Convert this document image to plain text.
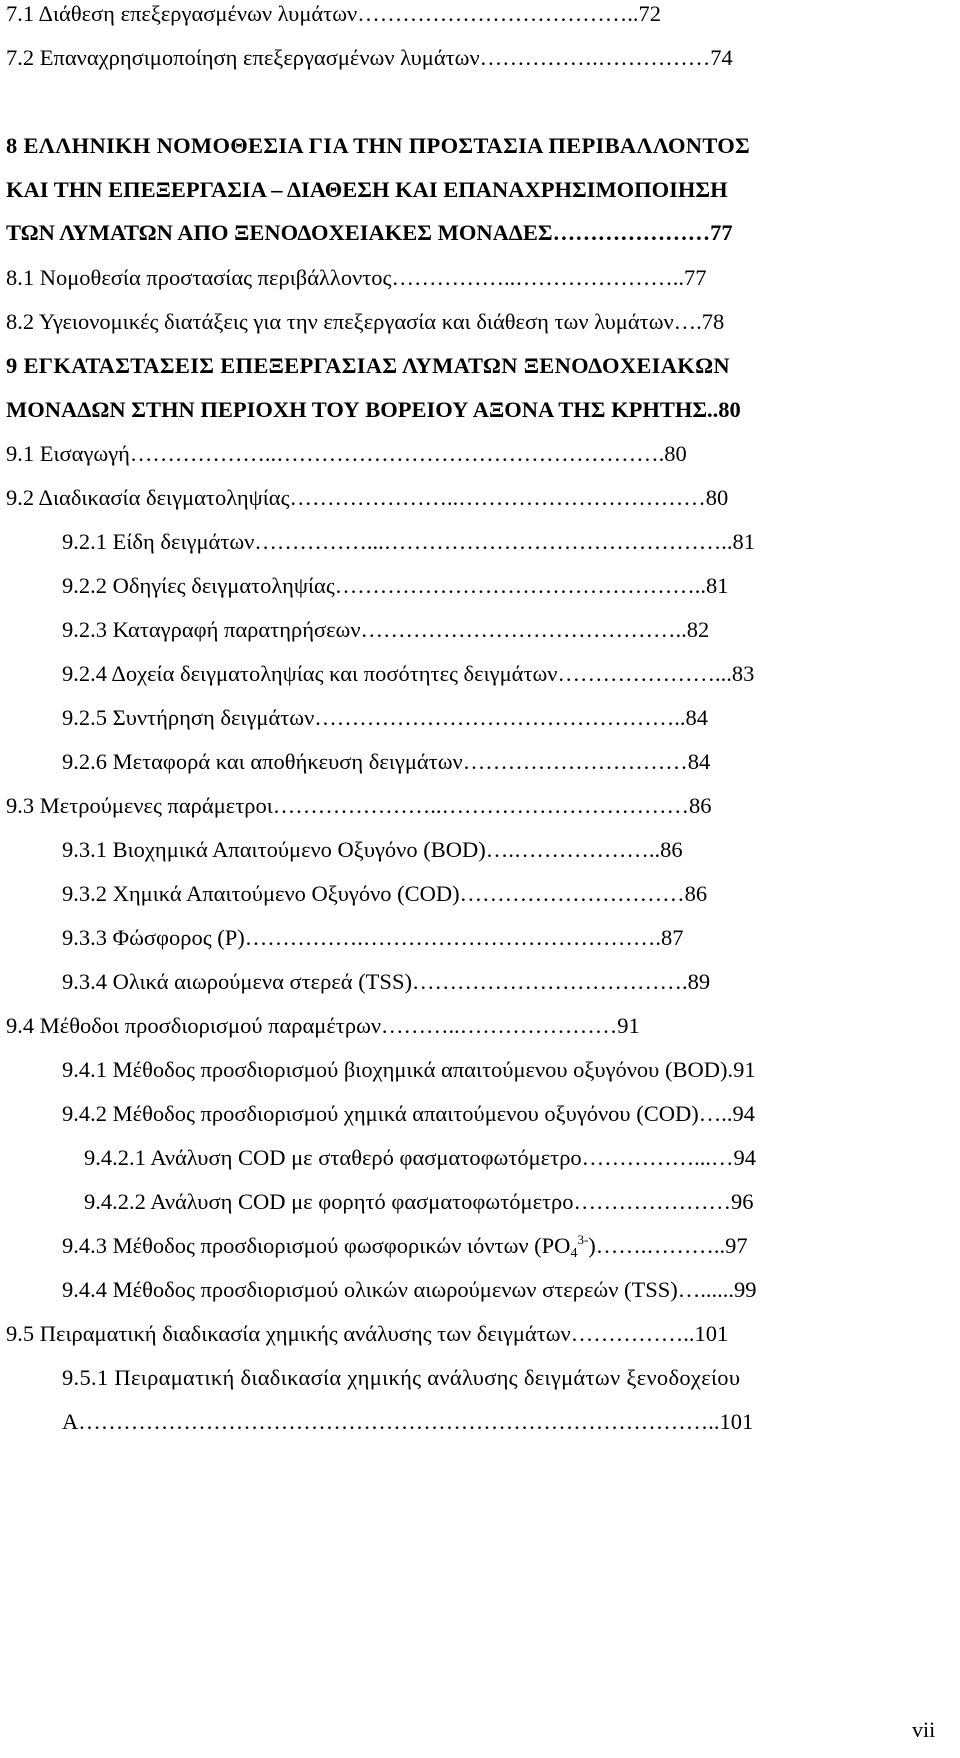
7.1 Διάθεση επεξεργασμένων λυμάτων………………………………..72
7.2 Επαναχρησιμοποίηση επεξεργασμένων λυμάτων…………….……………74
8 ΕΛΛΗΝΙΚΗ ΝΟΜΟΘΕΣΙΑ ΓΙΑ ΤΗΝ ΠΡΟΣΤΑΣΙΑ ΠΕΡΙΒΑΛΛΟΝΤΟΣ
ΚΑΙ ΤΗΝ ΕΠΕΞΕΡΓΑΣΙΑ – ΔΙΑΘΕΣΗ ΚΑΙ ΕΠΑΝΑΧΡΗΣΙΜΟΠΟΙΗΣΗ
ΤΩΝ ΛΥΜΑΤΩΝ ΑΠΟ ΞΕΝΟΔΟΧΕΙΑΚΕΣ ΜΟΝΑΔΕΣ…………………77
8.1 Νομοθεσία προστασίας περιβάλλοντος……………..…………………..77
8.2 Υγειονομικές διατάξεις για την επεξεργασία και διάθεση των λυμάτων….78
9 ΕΓΚΑΤΑΣΤΑΣΕΙΣ ΕΠΕΞΕΡΓΑΣΙΑΣ ΛΥΜΑΤΩΝ ΞΕΝΟΔΟΧΕΙΑΚΩΝ
ΜΟΝΑΔΩΝ ΣΤΗΝ ΠΕΡΙΟΧΗ ΤΟΥ ΒΟΡΕΙΟΥ ΑΞΟΝΑ ΤΗΣ ΚΡΗΤΗΣ..80
9.1 Εισαγωγή………………..…………………………………………….80
9.2 Διαδικασία δειγματοληψίας…………………..……………………………80
9.2.1 Είδη δειγμάτων……………...………………………………………..81
9.2.2 Οδηγίες δειγματοληψίας…………………………………………..81
9.2.3 Καταγραφή παρατηρήσεων……………………………………..82
9.2.4 Δοχεία δειγματοληψίας και ποσότητες δειγμάτων…………………...83
9.2.5 Συντήρηση δειγμάτων…………………………………………..84
9.2.6 Μεταφορά και αποθήκευση δειγμάτων…………………………84
9.3 Μετρούμενες παράμετροι…………………..……………………………86
9.3.1 Βιοχημικά Απαιτούμενο Οξυγόνο (BOD)….………………..86
9.3.2 Χημικά Απαιτούμενο Οξυγόνο (COD)…………………………86
9.3.3 Φώσφορος (P)…………….………………………………….87
9.3.4 Ολικά αιωρούμενα στερεά (TSS)……………………………….89
9.4 Μέθοδοι προσδιορισμού παραμέτρων………..…………………91
9.4.1 Μέθοδος προσδιορισμού βιοχημικά απαιτούμενου οξυγόνου (BOD).91
9.4.2 Μέθοδος προσδιορισμού χημικά απαιτούμενου οξυγόνου (COD)…..94
9.4.2.1 Ανάλυση COD με σταθερό φασματοφωτόμετρο……………...…94
9.4.2.2 Ανάλυση COD με φορητό φασματοφωτόμετρο…………………96
9.4.3 Μέθοδος προσδιορισμού φωσφορικών ιόντων $(PO_4^{3-})\dots\dots.\dots\dots\dots..97$
9.4.4 Μέθοδος προσδιορισμού ολικών αιωρούμενων στερεών (TSS)…......99
9.5 Πειραματική διαδικασία χημικής ανάλυσης των δειγμάτων……………..101
9.5.1 Πειραματική διαδικασία χημικής ανάλυσης δειγμάτων ξενοδοχείου
Α…………………………………………………………………………..101
vii
